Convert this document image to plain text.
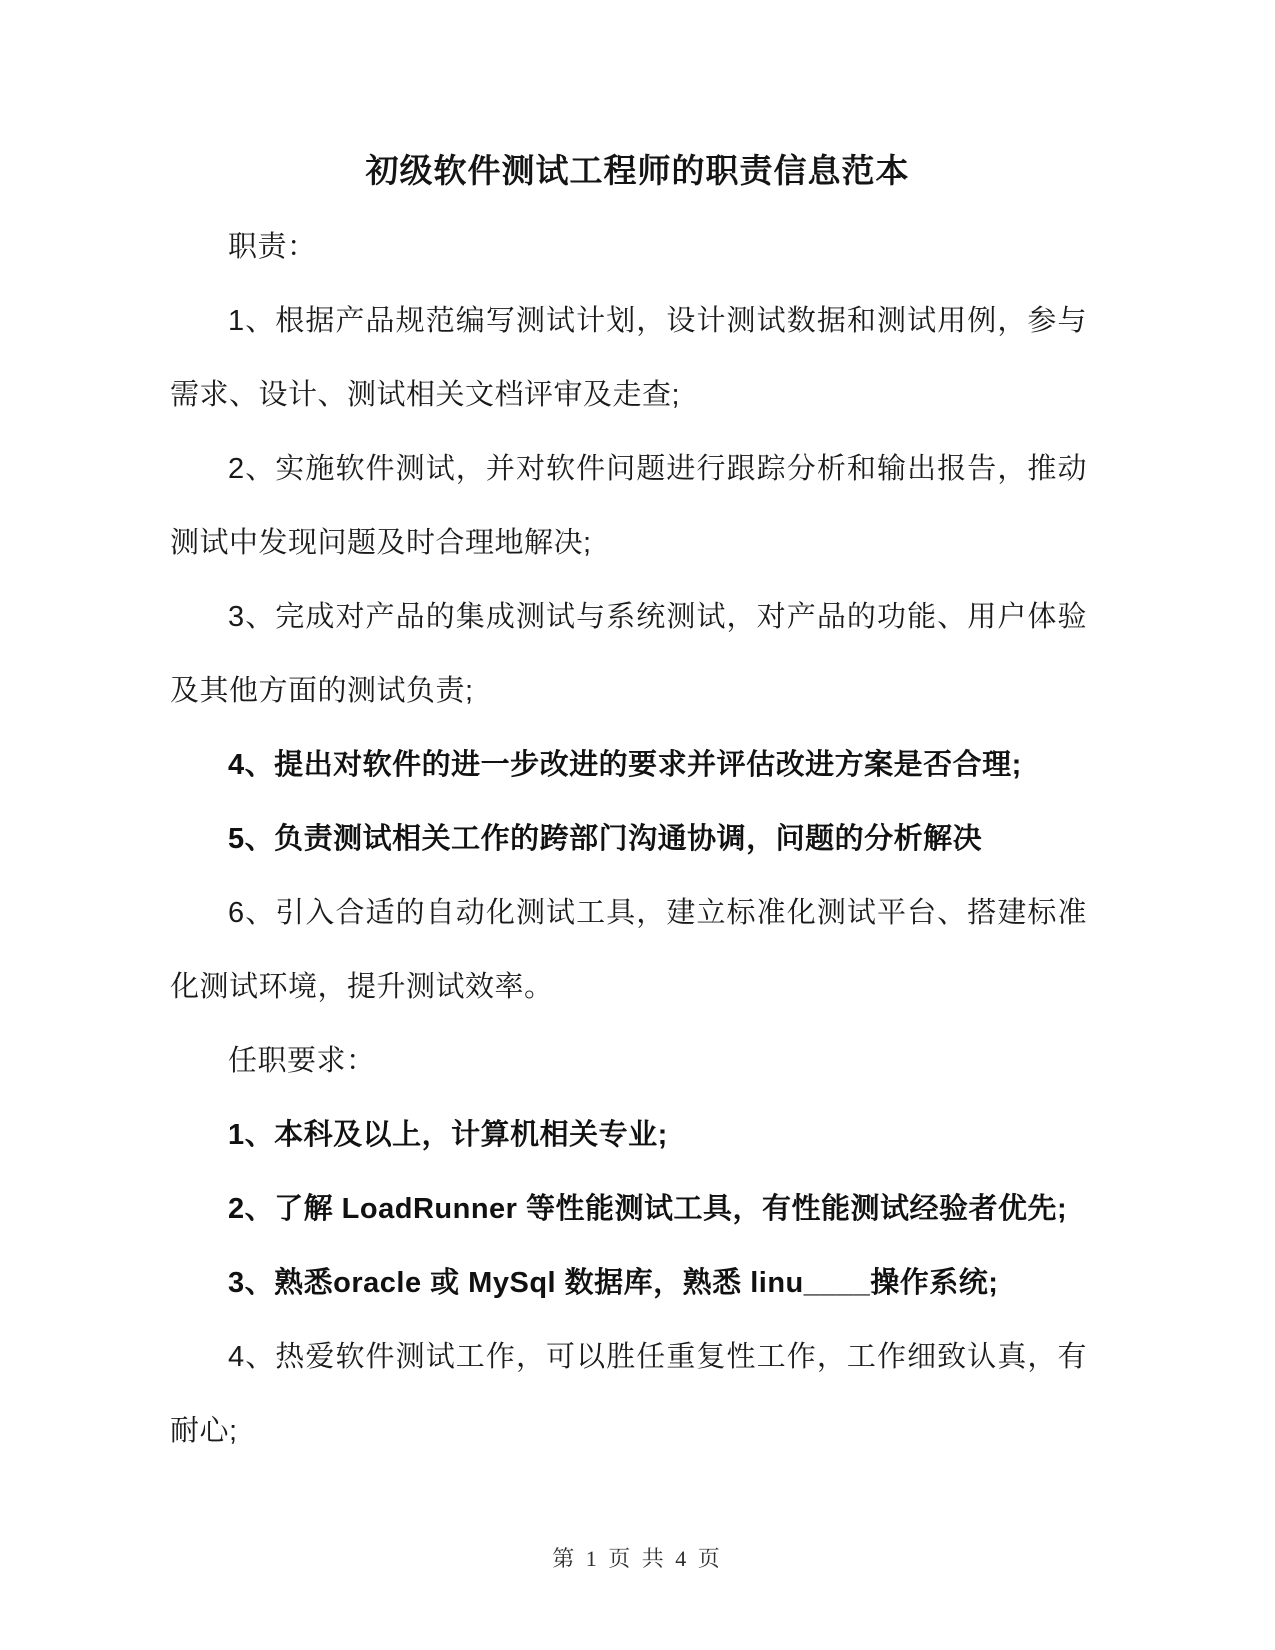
初级软件测试工程师的职责信息范本

职责：

1、根据产品规范编写测试计划，设计测试数据和测试用例，参与需求、设计、测试相关文档评审及走查;

2、实施软件测试，并对软件问题进行跟踪分析和输出报告，推动测试中发现问题及时合理地解决;

3、完成对产品的集成测试与系统测试，对产品的功能、用户体验及其他方面的测试负责;

4、提出对软件的进一步改进的要求并评估改进方案是否合理;

5、负责测试相关工作的跨部门沟通协调，问题的分析解决

6、引入合适的自动化测试工具，建立标准化测试平台、搭建标准化测试环境，提升测试效率。

任职要求：

1、本科及以上，计算机相关专业;

2、了解 LoadRunner 等性能测试工具，有性能测试经验者优先;

3、熟悉oracle 或 MySql 数据库，熟悉 linu____操作系统;

4、热爱软件测试工作，可以胜任重复性工作，工作细致认真，有耐心;

第 1 页 共 4 页
